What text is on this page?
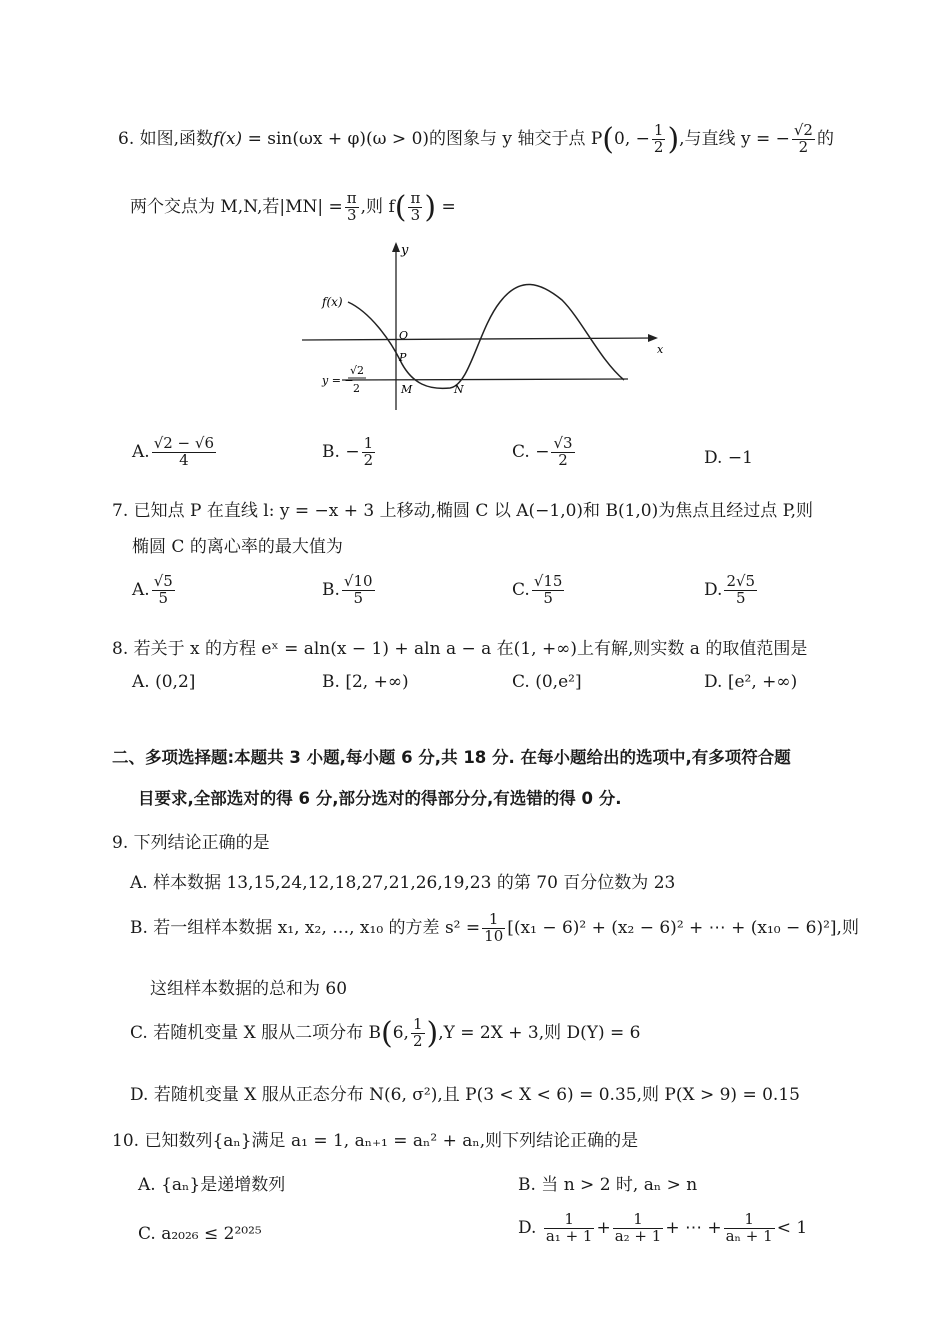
6. 如图,函数f(x) = sin(ωx + φ)(ω > 0)的图象与 y 轴交于点 P(0, − $\frac{1}{2}$ ),与直线 y = − $\frac{√2}{2}$ 的
两个交点为 M,N,若$|MN| = \frac{\pi}{3}$ ,则 $f( \frac{\pi}{3}$ ) =
y
x
f(x)
O
P
M	N
y = −
√2
2
A. $\frac{√2 - √6}{4}$	B. − $\frac{1}{2}$	C. − $\frac{√3}{2}$	D. −1
7. 已知点 P 在直线 l: y = −x + 3 上移动,椭圆 C 以 A(−1,0)和 B(1,0)为焦点且经过点 P,则
椭圆 C 的离心率的最大值为
A. $\frac{√5}{5}$	B. $\frac{√10}{5}$	C. $\frac{√15}{5}$	D. $\frac{2√5}{5}$
8. 若关于 x 的方程 eˣ = aln(x − 1) + aln a − a 在(1, +∞)上有解,则实数 a 的取值范围是
A. (0,2]	B. [2, +∞)	C. (0,e²]	D. [e², +∞)
二、多项选择题:本题共 3 小题,每小题 6 分,共 18 分. 在每小题给出的选项中,有多项符合题
目要求,全部选对的得 6 分,部分选对的得部分分,有选错的得 0 分.
9. 下列结论正确的是
A. 样本数据 13,15,24,12,18,27,21,26,19,23 的第 70 百分位数为 23
B. 若一组样本数据 x₁, x₂, …, x₁₀ 的方差 $s^2 = \frac{1}{10} [(x_1 - 6)^2 + (x_2 - 6)^2$ + ⋯ + (x₁₀ − 6)²],则
这组样本数据的总和为 60
C. 若随机变量 X 服从二项分布 B(6, $\frac{1}{2} ),Y = 2X + 3$,则 D(Y) = 6
D. 若随机变量 X 服从正态分布 N(6, σ²),且 P(3 < X < 6) = 0.35,则 P(X > 9) = 0.15
10. 已知数列{aₙ}满足 a₁ = 1, aₙ₊₁ = aₙ² + aₙ,则下列结论正确的是
A. {aₙ}是递增数列	B. 当 n > 2 时, aₙ > n
C. a₂₀₂₆ ≤ 2²⁰²⁵	D. $\frac{1}{\text{a₁ + 1}} + \frac{1}{\text{a₂ + 1}}$ + ⋯ + $\frac{1}{\text{aₙ + 1}} < 1$
